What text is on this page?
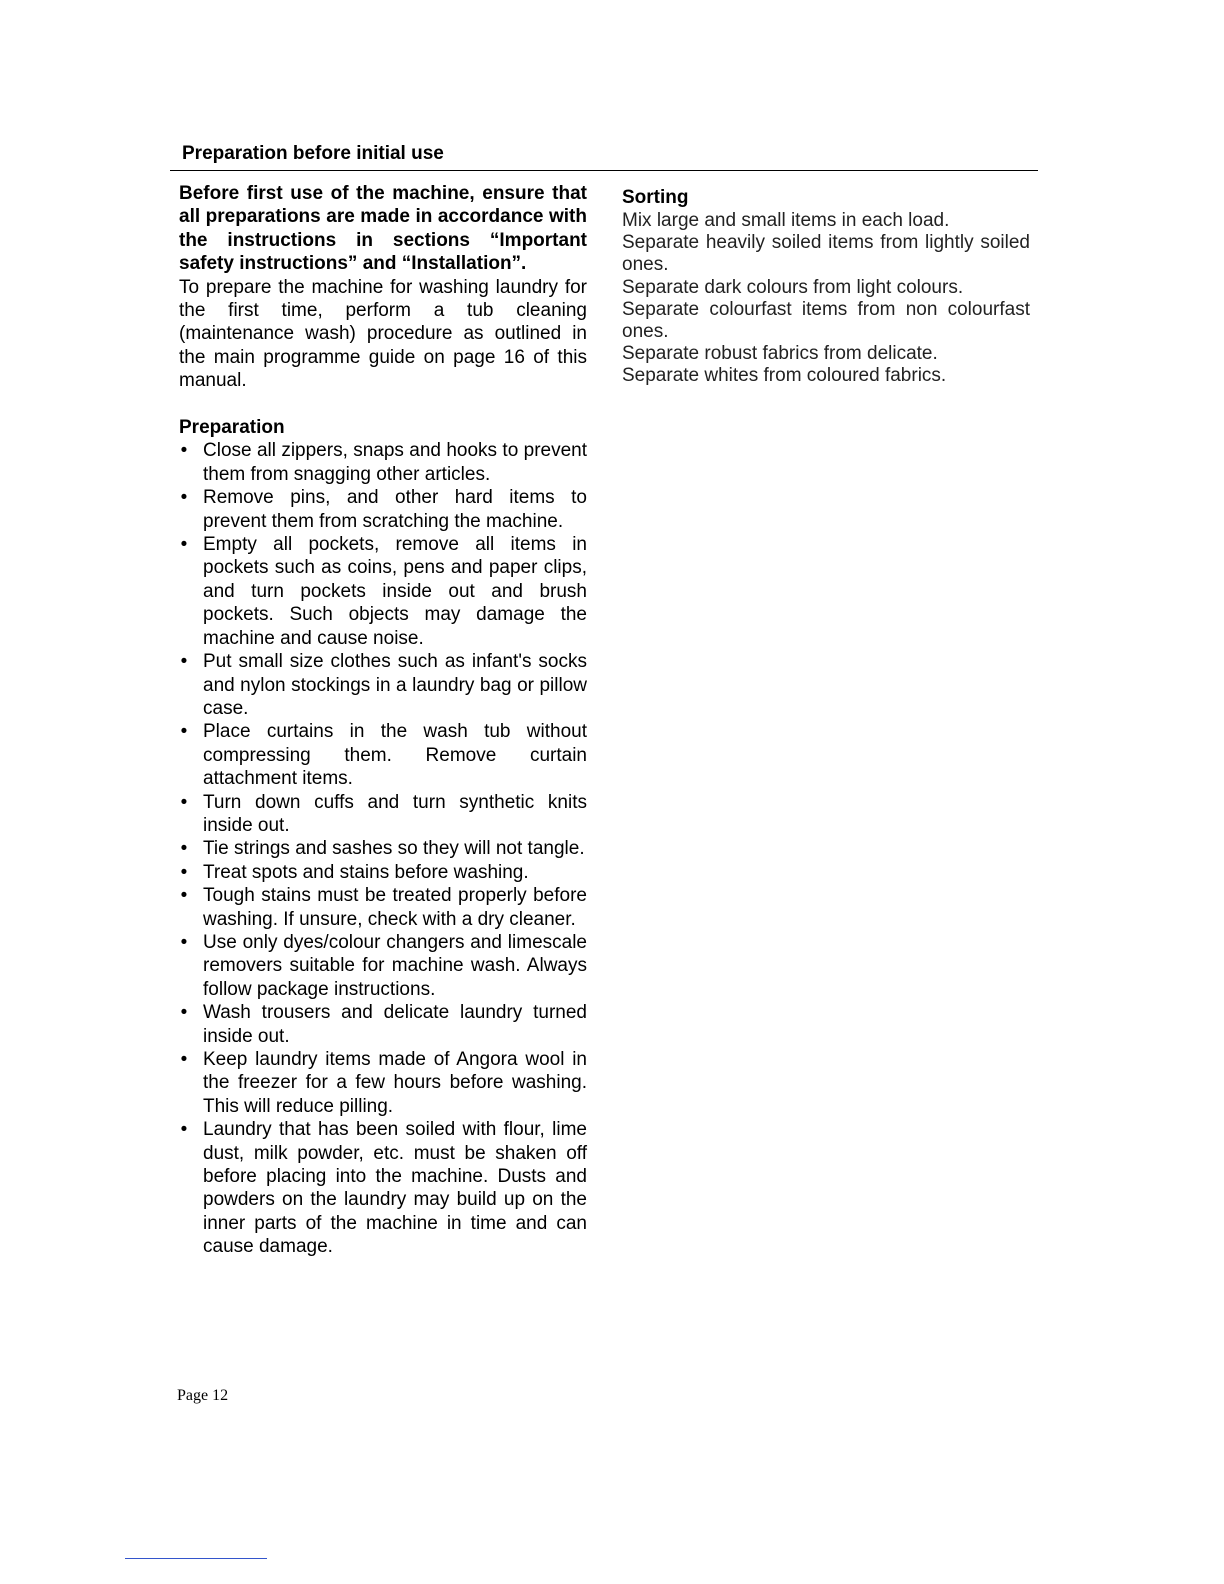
Preparation before initial use

Before first use of the machine, ensure that all preparations are made in accordance with the instructions in sections “Important safety instructions” and “Installation”.

To prepare the machine for washing laundry for the first time, perform a tub cleaning (maintenance wash) procedure as outlined in the main programme guide on page 16 of this manual.

Preparation

• Close all zippers, snaps and hooks to prevent them from snagging other articles.
• Remove pins, and other hard items to prevent them from scratching the machine.
• Empty all pockets, remove all items in pockets such as coins, pens and paper clips, and turn pockets inside out and brush pockets. Such objects may damage the machine and cause noise.
• Put small size clothes such as infant's socks and nylon stockings in a laundry bag or pillow case.
• Place curtains in the wash tub without compressing them. Remove curtain attachment items.
• Turn down cuffs and turn synthetic knits inside out.
• Tie strings and sashes so they will not tangle.
• Treat spots and stains before washing.
• Tough stains must be treated properly before washing. If unsure, check with a dry cleaner.
• Use only dyes/colour changers and limescale removers suitable for machine wash. Always follow package instructions.
• Wash trousers and delicate laundry turned inside out.
• Keep laundry items made of Angora wool in the freezer for a few hours before washing. This will reduce pilling.
• Laundry that has been soiled with flour, lime dust, milk powder, etc. must be shaken off before placing into the machine. Dusts and powders on the laundry may build up on the inner parts of the machine in time and can cause damage.

Sorting

Mix large and small items in each load.

Separate heavily soiled items from lightly soiled ones.

Separate dark colours from light colours.

Separate colourfast items from non colourfast ones.

Separate robust fabrics from delicate.

Separate whites from coloured fabrics.

Page 12
